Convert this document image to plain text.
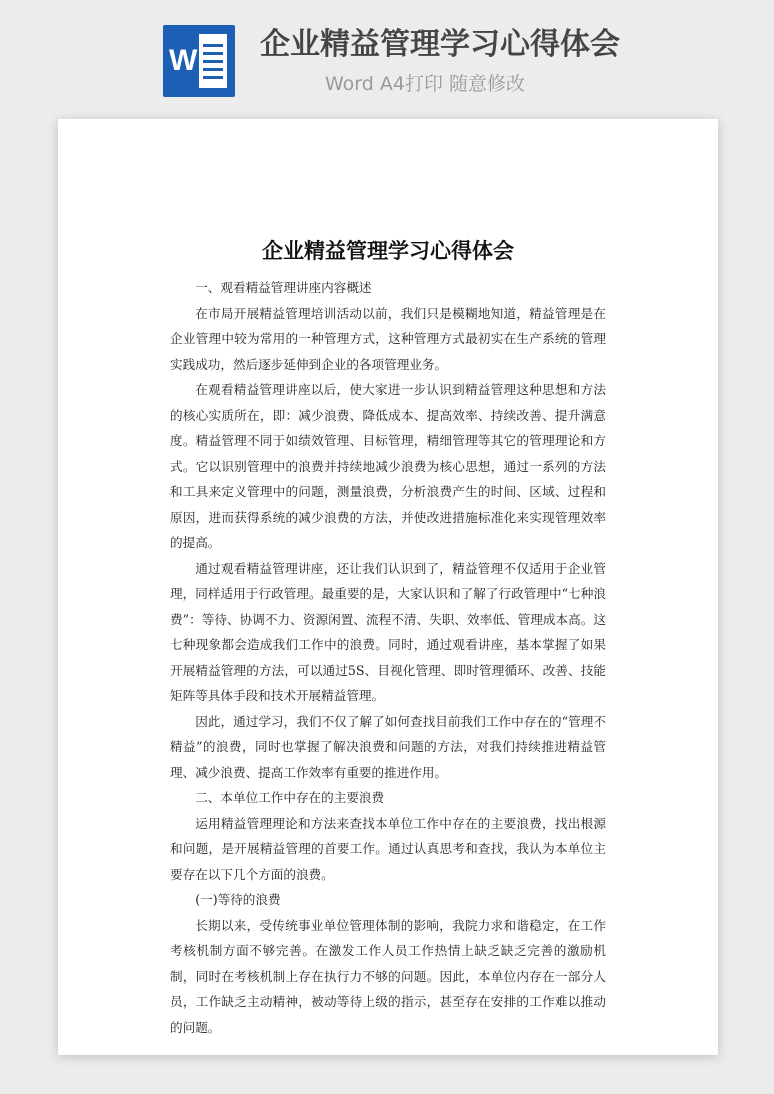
W 企业精益管理学习心得体会
Word A4打印 随意修改
企业精益管理学习心得体会

一、观看精益管理讲座内容概述

在市局开展精益管理培训活动以前，我们只是模糊地知道，精益管理是在企业管理中较为常用的一种管理方式，这种管理方式最初实在生产系统的管理实践成功，然后逐步延伸到企业的各项管理业务。

在观看精益管理讲座以后，使大家进一步认识到精益管理这种思想和方法的核心实质所在，即：减少浪费、降低成本、提高效率、持续改善、提升满意度。精益管理不同于如绩效管理、目标管理，精细管理等其它的管理理论和方式。它以识别管理中的浪费并持续地减少浪费为核心思想，通过一系列的方法和工具来定义管理中的问题，测量浪费，分析浪费产生的时间、区域、过程和原因，进而获得系统的减少浪费的方法，并使改进措施标准化来实现管理效率的提高。

通过观看精益管理讲座，还让我们认识到了，精益管理不仅适用于企业管理，同样适用于行政管理。最重要的是，大家认识和了解了行政管理中“七种浪费”：等待、协调不力、资源闲置、流程不清、失职、效率低、管理成本高。这七种现象都会造成我们工作中的浪费。同时，通过观看讲座，基本掌握了如果开展精益管理的方法，可以通过5S、目视化管理、即时管理循环、改善、技能矩阵等具体手段和技术开展精益管理。

因此，通过学习，我们不仅了解了如何查找目前我们工作中存在的“管理不精益”的浪费，同时也掌握了解决浪费和问题的方法，对我们持续推进精益管理、减少浪费、提高工作效率有重要的推进作用。

二、本单位工作中存在的主要浪费

运用精益管理理论和方法来查找本单位工作中存在的主要浪费，找出根源和问题，是开展精益管理的首要工作。通过认真思考和查找，我认为本单位主要存在以下几个方面的浪费。

(一)等待的浪费

长期以来，受传统事业单位管理体制的影响，我院力求和谐稳定，在工作考核机制方面不够完善。在激发工作人员工作热情上缺乏缺乏完善的激励机制，同时在考核机制上存在执行力不够的问题。因此，本单位内存在一部分人员，工作缺乏主动精神，被动等待上级的指示，甚至存在安排的工作难以推动的问题。
